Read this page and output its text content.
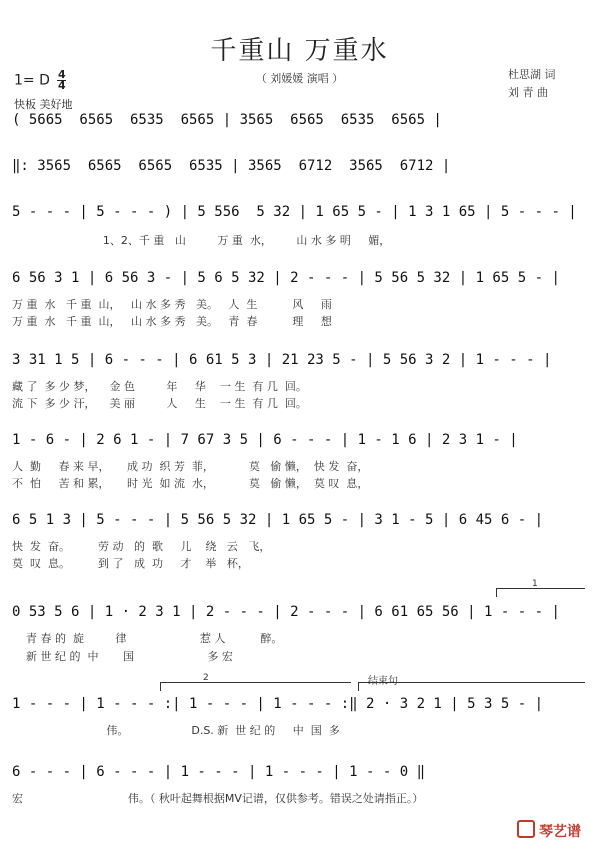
千重山 万重水
（ 刘媛媛 演唱 ）	杜思湖 词
刘 青 曲
1= D $\frac{4}{4}$
快板 美好地
( 5665  6565  6535  6565 | 3565  6565  6535  6565 |
‖: 3565  6565  6565  6535 | 3565  6712  3565  6712 |
5 - - - | 5 - - - ) | 5 556  5 32 | 1 65 5 - | 1 3 1 65 | 5 - - - |
1、2、千 重   山         万 重  水，       山 水 多 明     媚，
6 56 3 1 | 6 56 3 - | 5 6 5 32 | 2 - - - | 5 56 5 32 | 1 65 5 - |
万 重  水   千 重  山，   山 水 多 秀   美。   人  生          风     雨
万 重  水   千 重  山，   山 水 多 秀   美。   青  春          理     想
3 31 1 5 | 6 - - - | 6 61 5 3 | 21 23 5 - | 5 56 3 2 | 1 - - - |
藏 了  多 少 梦，    金 色         年     华    一 生  有 几  回。
流 下  多 少 汗，    美 丽         人     生    一 生  有 几  回。
1 - 6 - | 2 6 1 - | 7 67 3 5 | 6 - - - | 1 - 1 6 | 2 3 1 - |
人  勤     春 来 早，     成 功  织 芳  菲，          莫   偷 懒，  快 发  奋，
不  怕     苦 和 累，     时 光  如 流  水，          莫   偷 懒，  莫 叹  息，
6 5 1 3 | 5 - - - | 5 56 5 32 | 1 65 5 - | 3 1 - 5 | 6 45 6 - |
快  发  奋。        劳 动   的  歌     儿    绕   云   飞，
莫  叹  息。        到 了   成  功     才    举   杯，
1
0 53 5 6 | 1 · 2 3 1 | 2 - - - | 2 - - - | 6 61 65 56 | 1 - - - |
青 春 的  旋         律                     惹 人          醉。
新 世 纪 的  中       国                     多 宏
2	结束句
1 - - - | 1 - - - :| 1 - - - | 1 - - - :‖ 2 · 3 2 1 | 5 3 5 - |
伟。                  D.S. 新  世 纪 的     中  国  多
6 - - - | 6 - - - | 1 - - - | 1 - - - | 1 - - 0 ‖
宏                              伟。（ 秋叶起舞根据MV记谱，仅供参考。错误之处请指正。）
琴艺谱
